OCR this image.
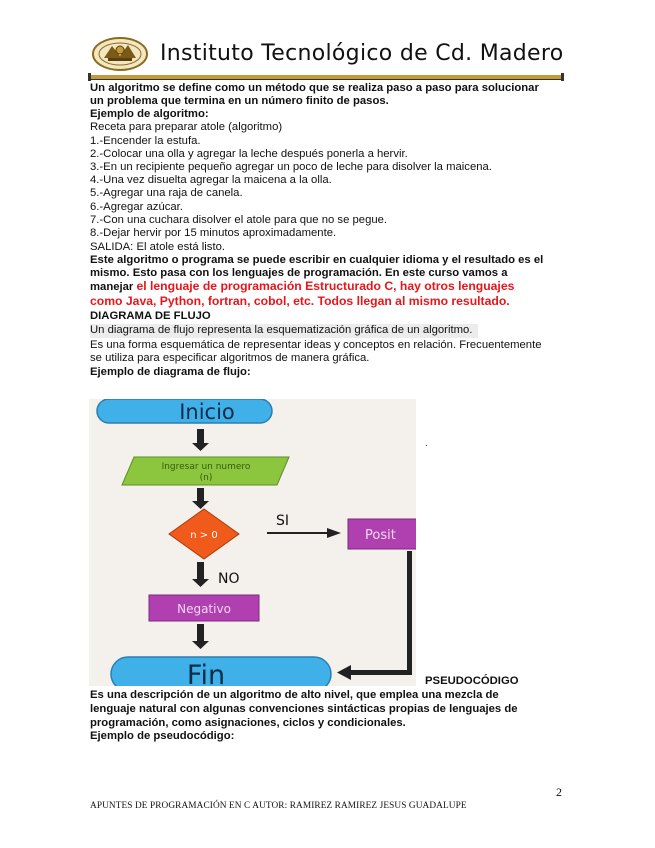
Instituto Tecnológico de Cd. Madero
Un algoritmo se define como un método que se realiza paso a paso para solucionar
un problema que termina en un número finito de pasos.
Ejemplo de algoritmo:
Receta para preparar atole (algoritmo)
1.-Encender la estufa.
2.-Colocar una olla y agregar la leche después ponerla a hervir.
3.-En un recipiente pequeño agregar un poco de leche para disolver la maicena.
4.-Una vez disuelta agregar la maicena a la olla.
5.-Agregar una raja de canela.
6.-Agregar azúcar.
7.-Con una cuchara disolver el atole para que no se pegue.
8.-Dejar hervir por 15 minutos aproximadamente.
SALIDA: El atole está listo.
Este algoritmo o programa se puede escribir en cualquier idioma y el resultado es el
mismo. Esto pasa con los lenguajes de programación. En este curso vamos a
manejar el lenguaje de programación Estructurado C, hay otros lenguajes
como Java, Python, fortran, cobol, etc. Todos llegan al mismo resultado.
DIAGRAMA DE FLUJO
Un diagrama de flujo representa la esquematización gráfica de un algoritmo.
Es una forma esquemática de representar ideas y conceptos en relación. Frecuentemente
se utiliza para especificar algoritmos de manera gráfica.
Ejemplo de diagrama de flujo:
Inicio
Ingresar un numero
(n)
n > 0
SI
Posit
NO
Negativo
Fin
.
PSEUDOCÓDIGO
Es una descripción de un algoritmo de alto nivel, que emplea una mezcla de
lenguaje natural con algunas convenciones sintácticas propias de lenguajes de
programación, como asignaciones, ciclos y condicionales.
Ejemplo de pseudocódigo:
2
APUNTES DE PROGRAMACIÓN EN C AUTOR: RAMIREZ RAMIREZ JESUS GUADALUPE
